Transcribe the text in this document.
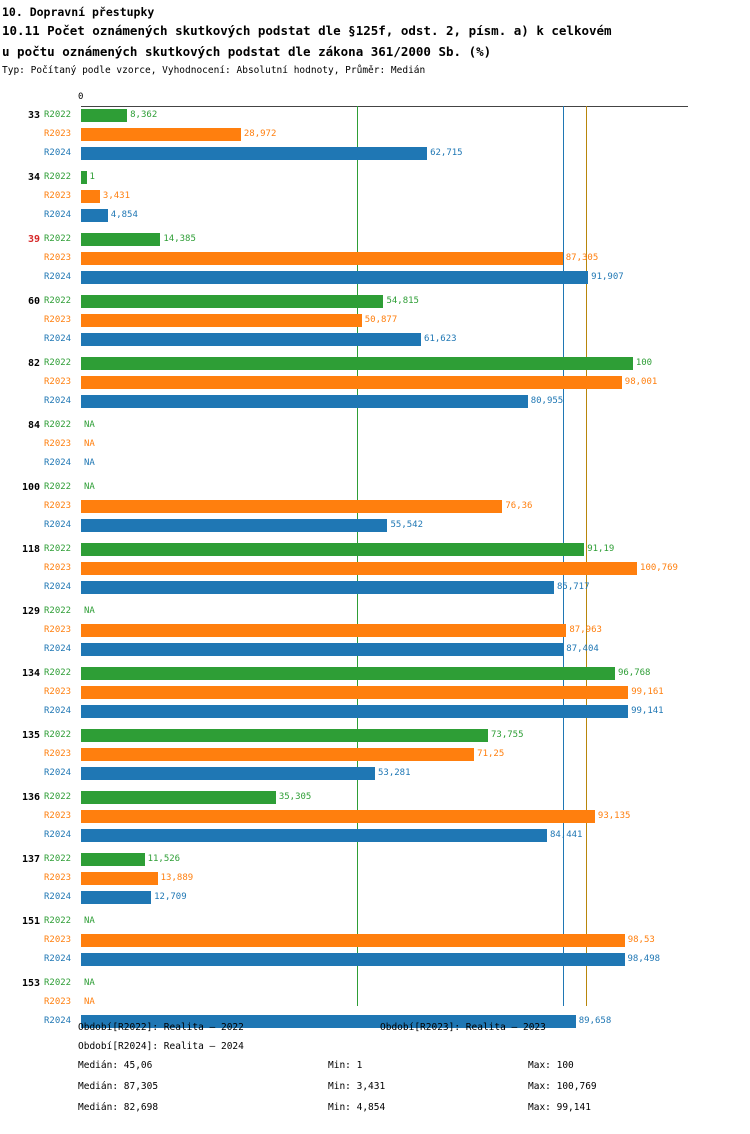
10. Dopravní přestupky
10.11 Počet oznámených skutkových podstat dle §125f, odst. 2, písm. a) k celkovém
u počtu oznámených skutkových podstat dle zákona 361/2000 Sb. (%)
Typ: Počítaný podle vzorce, Vyhodnocení: Absolutní hodnoty, Průměr: Medián
0
33 R2022	8,362
R2023	28,972
R2024	62,715
34 R2022 1
R2023	3,431
R2024	4,854
39 R2022	14,385
R2023	87,305
R2024	91,907
60 R2022	54,815
R2023	50,877
R2024	61,623
82 R2022	100
R2023	98,001
R2024	80,955
84 R2022 NA
R2023 NA
R2024 NA
100 R2022 NA
R2023	76,36
R2024	55,542
118 R2022	91,19
R2023	100,769
R2024	85,717
129 R2022 NA
R2023	87,963
R2024	87,404
134 R2022	96,768
R2023	99,161
R2024	99,141
135 R2022	73,755
R2023	71,25
R2024	53,281
136 R2022	35,305
R2023	93,135
R2024	84,441
137 R2022	11,526
R2023	13,889
R2024	12,709
151 R2022 NA
R2023	98,53
R2024	98,498
153 R2022 NA
R2023 NA
R2024	89,658
Období[R2022]: Realita – 2022	Období[R2023]: Realita – 2023
Období[R2024]: Realita – 2024
Medián: 45,06	Min: 1	Max: 100
Medián: 87,305	Min: 3,431	Max: 100,769
Medián: 82,698	Min: 4,854	Max: 99,141
